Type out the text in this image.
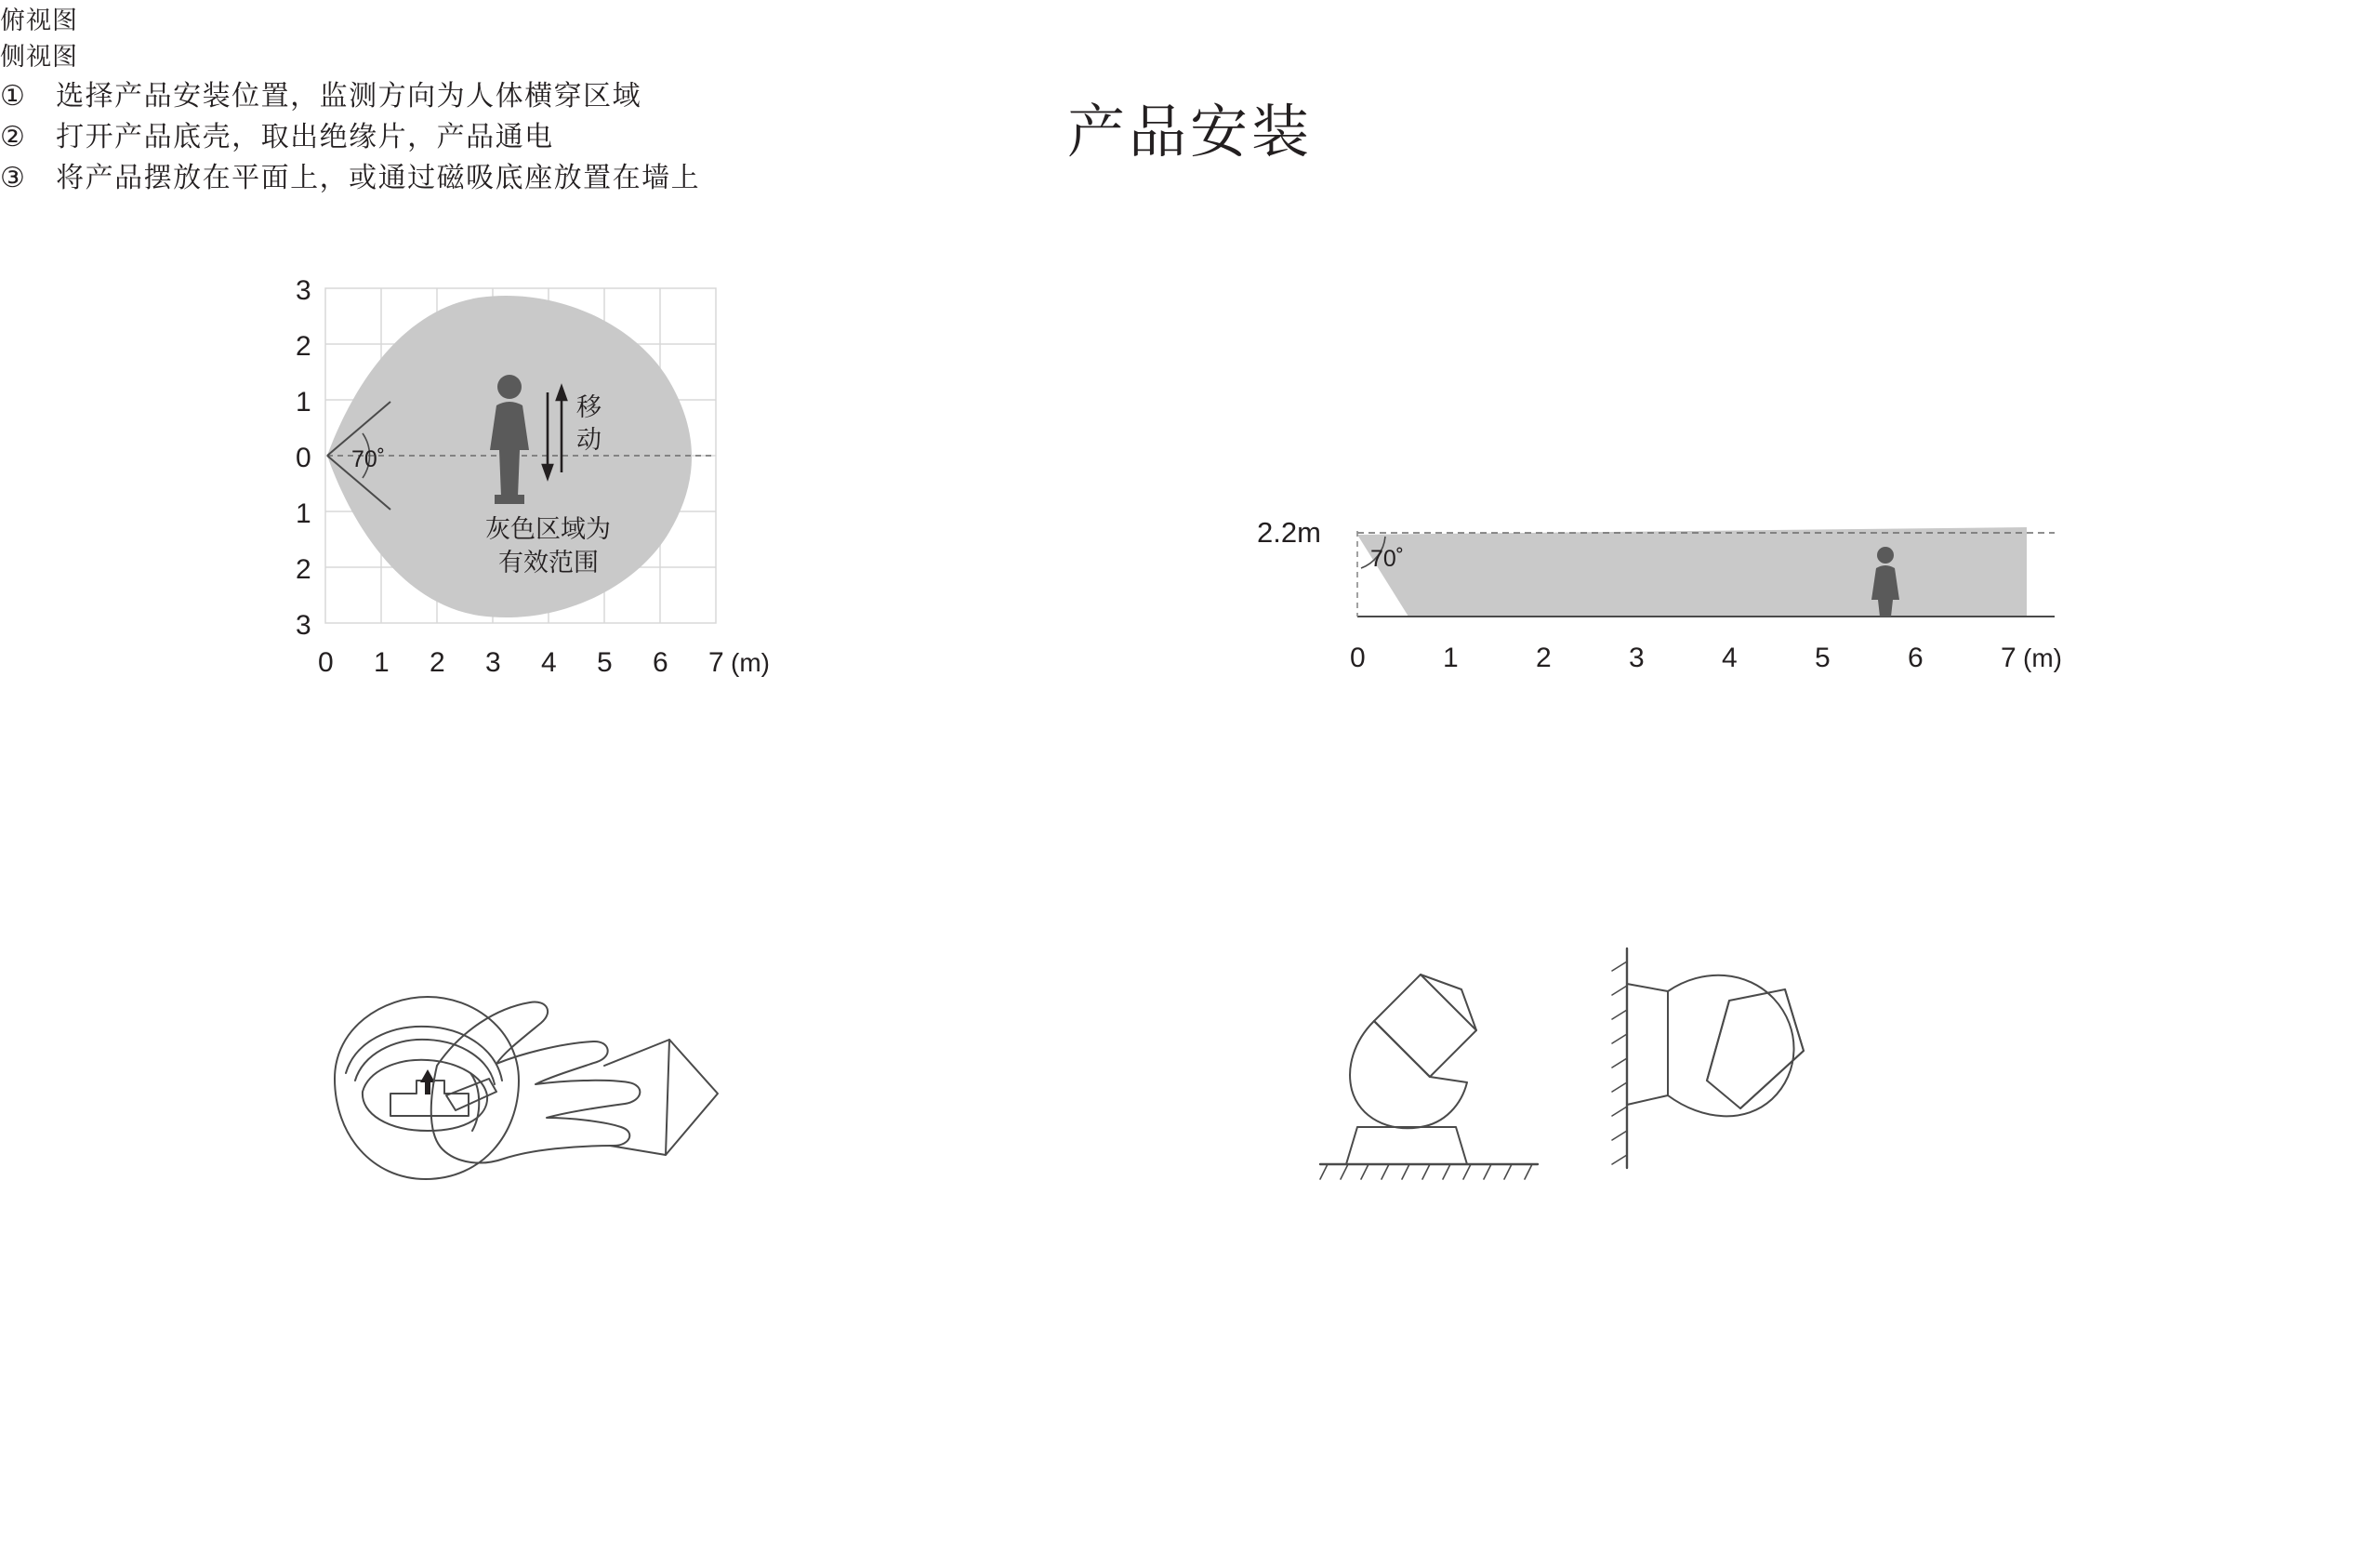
产品安装
70˚
移
动
灰色区域为
有效范围
3
2
1
0
1
2
3
0 1 2 3 4 5 6 7 (m)
俯视图
70˚
0	1	2	3	4	5	6	7 (m)
2.2m
侧视图
① 选择产品安装位置，监测方向为人体横穿区域
② 打开产品底壳，取出绝缘片，产品通电
③ 将产品摆放在平面上，或通过磁吸底座放置在墙上
